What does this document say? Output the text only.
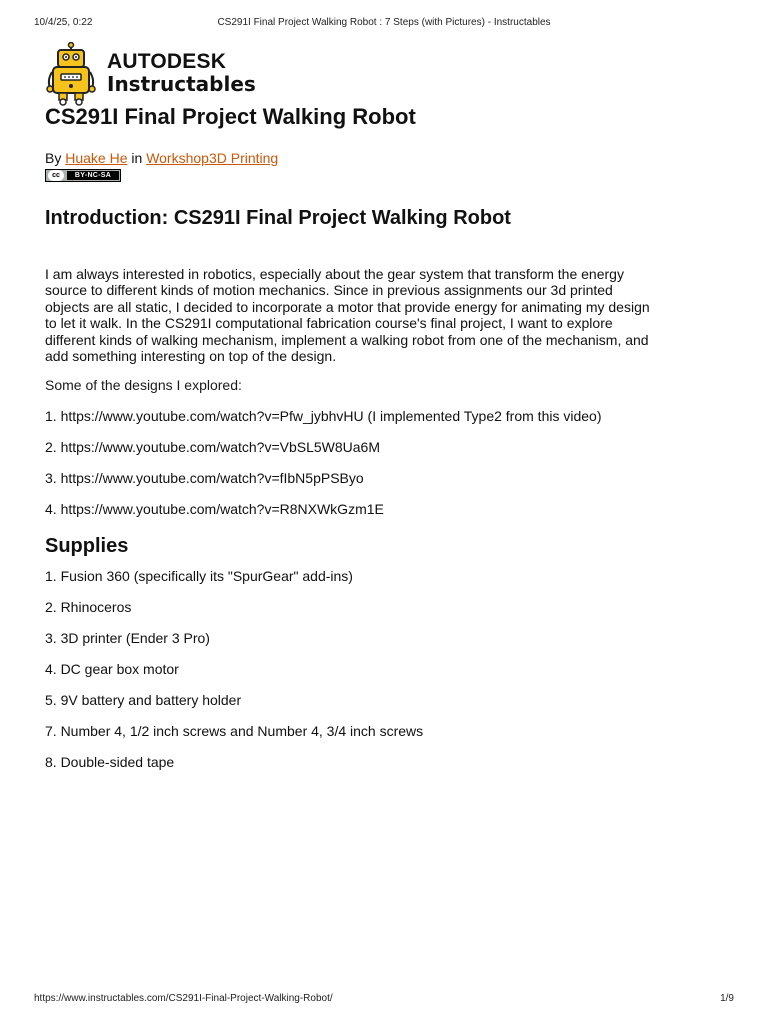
10/4/25, 0:22	CS291I Final Project Walking Robot : 7 Steps (with Pictures) - Instructables
AUTODESK
Instructables
CS291I Final Project Walking Robot
By Huake He in Workshop3D Printing
cc	BY-NC-SA
Introduction: CS291I Final Project Walking Robot
I am always interested in robotics, especially about the gear system that transform the energy
source to different kinds of motion mechanics. Since in previous assignments our 3d printed
objects are all static, I decided to incorporate a motor that provide energy for animating my design
to let it walk. In the CS291I computational fabrication course's final project, I want to explore
different kinds of walking mechanism, implement a walking robot from one of the mechanism, and
add something interesting on top of the design.
Some of the designs I explored:
1. https://www.youtube.com/watch?v=Pfw_jybhvHU (I implemented Type2 from this video)
2. https://www.youtube.com/watch?v=VbSL5W8Ua6M
3. https://www.youtube.com/watch?v=fIbN5pPSByo
4. https://www.youtube.com/watch?v=R8NXWkGzm1E
Supplies
1. Fusion 360 (specifically its "SpurGear" add-ins)
2. Rhinoceros
3. 3D printer (Ender 3 Pro)
4. DC gear box motor
5. 9V battery and battery holder
7. Number 4, 1/2 inch screws and Number 4, 3/4 inch screws
8. Double-sided tape
https://www.instructables.com/CS291I-Final-Project-Walking-Robot/	1/9
